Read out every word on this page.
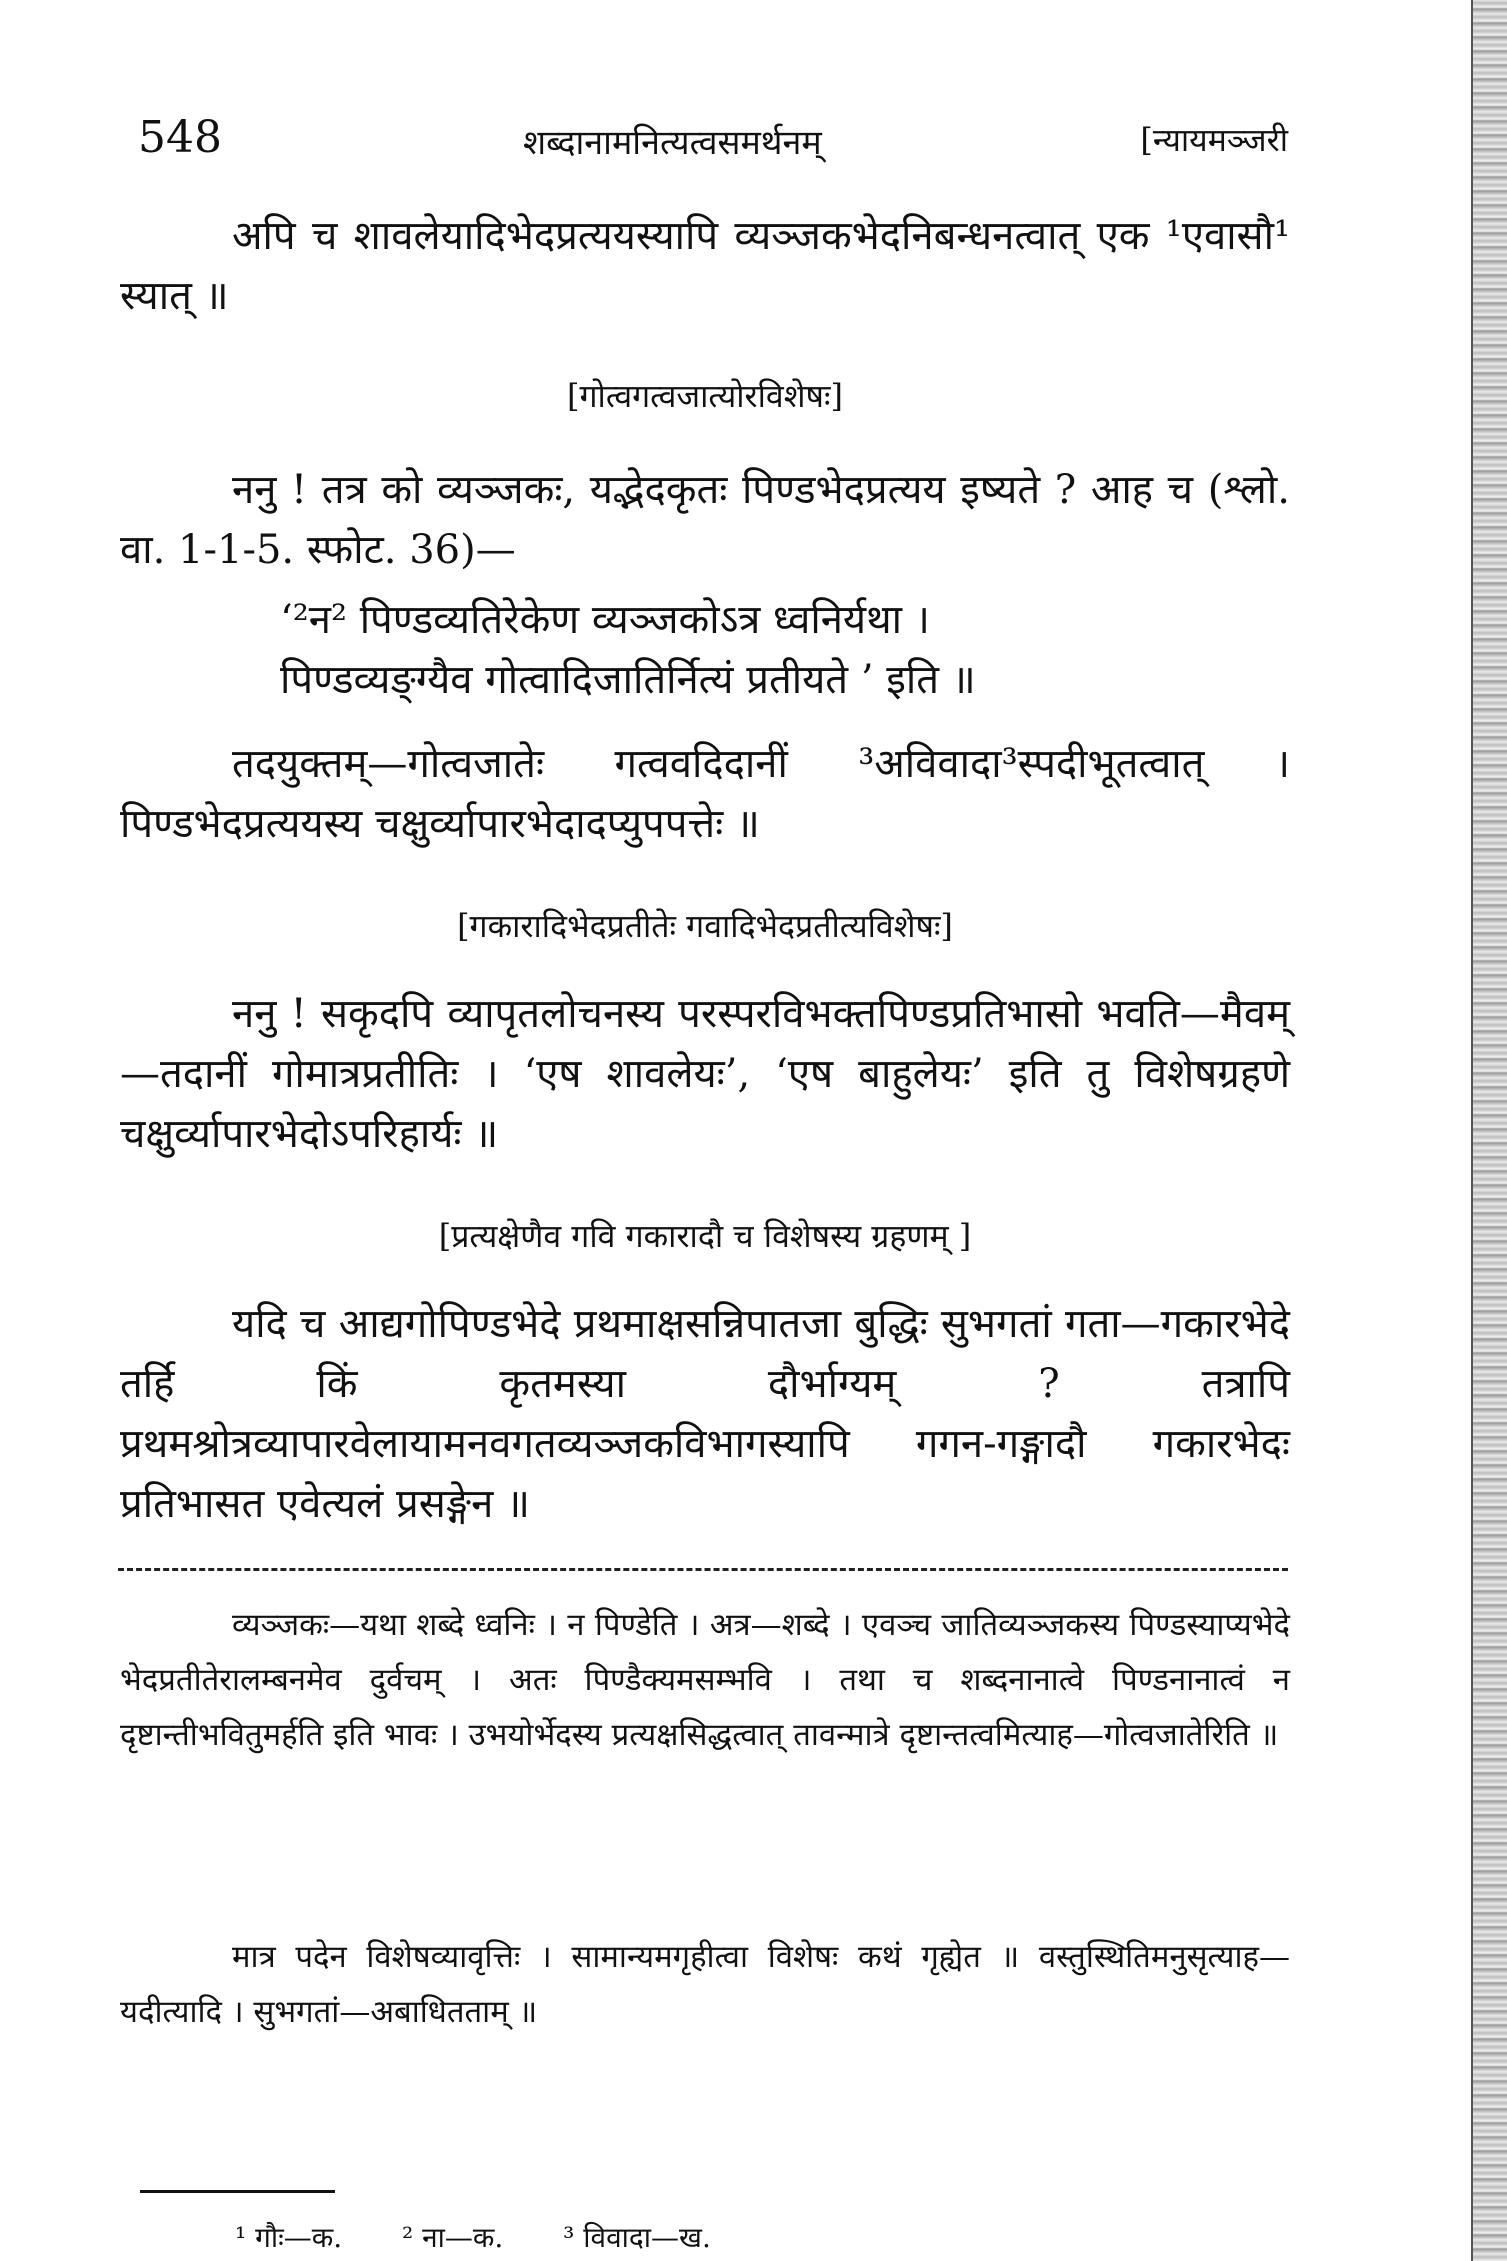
548	शब्दानामनित्यत्वसमर्थनम्	[न्यायमञ्जरी

अपि च शावलेयादिभेदप्रत्ययस्यापि व्यञ्जकभेदनिबन्धनत्वात् एक ¹एवासौ¹ स्यात् ॥

[गोत्वगत्वजात्योरविशेषः]

ननु ! तत्र को व्यञ्जकः, यद्भेदकृतः पिण्डभेदप्रत्यय इष्यते ? आह च (श्लो. वा. 1-1-5. स्फोट. 36)—

‘²न² पिण्डव्यतिरेकेण व्यञ्जकोऽत्र ध्वनिर्यथा ।

पिण्डव्यङ्ग्यैव गोत्वादिजातिर्नित्यं प्रतीयते ’ इति ॥

तदयुक्तम्—गोत्वजातेः गत्ववदिदानीं ³अविवादा³स्पदीभूतत्वात् । पिण्डभेदप्रत्ययस्य चक्षुर्व्यापारभेदादप्युपपत्तेः ॥

[गकारादिभेदप्रतीतेः गवादिभेदप्रतीत्यविशेषः]

ननु ! सकृदपि व्यापृतलोचनस्य परस्परविभक्तपिण्डप्रतिभासो भवति—मैवम्—तदानीं गोमात्रप्रतीतिः । ‘एष शावलेयः’, ‘एष बाहुलेयः’ इति तु विशेषग्रहणे चक्षुर्व्यापारभेदोऽपरिहार्यः ॥

[प्रत्यक्षेणैव गवि गकारादौ च विशेषस्य ग्रहणम् ]

यदि च आद्यगोपिण्डभेदे प्रथमाक्षसन्निपातजा बुद्धिः सुभगतां गता—गकारभेदे तर्हि किं कृतमस्या दौर्भाग्यम् ? तत्रापि प्रथमश्रोत्रव्यापारवेलायामनवगतव्यञ्जकविभागस्यापि गगन-गङ्गादौ गकारभेदः प्रतिभासत एवेत्यलं प्रसङ्गेन ॥

व्यञ्जकः—यथा शब्दे ध्वनिः । न पिण्डेति । अत्र—शब्दे । एवञ्च जातिव्यञ्जकस्य पिण्डस्याप्यभेदे भेदप्रतीतेरालम्बनमेव दुर्वचम् । अतः पिण्डैक्यमसम्भवि । तथा च शब्दनानात्वे पिण्डनानात्वं न दृष्टान्तीभवितुमर्हति इति भावः । उभयोर्भेदस्य प्रत्यक्षसिद्धत्वात् तावन्मात्रे दृष्टान्तत्वमित्याह—गोत्वजातेरिति ॥

मात्र पदेन विशेषव्यावृत्तिः । सामान्यमगृहीत्वा विशेषः कथं गृह्येत ॥ वस्तुस्थितिमनुसृत्याह—यदीत्यादि । सुभगतां—अबाधितताम् ॥

¹ गौः—क. ² ना—क. ³ विवादा—ख.
